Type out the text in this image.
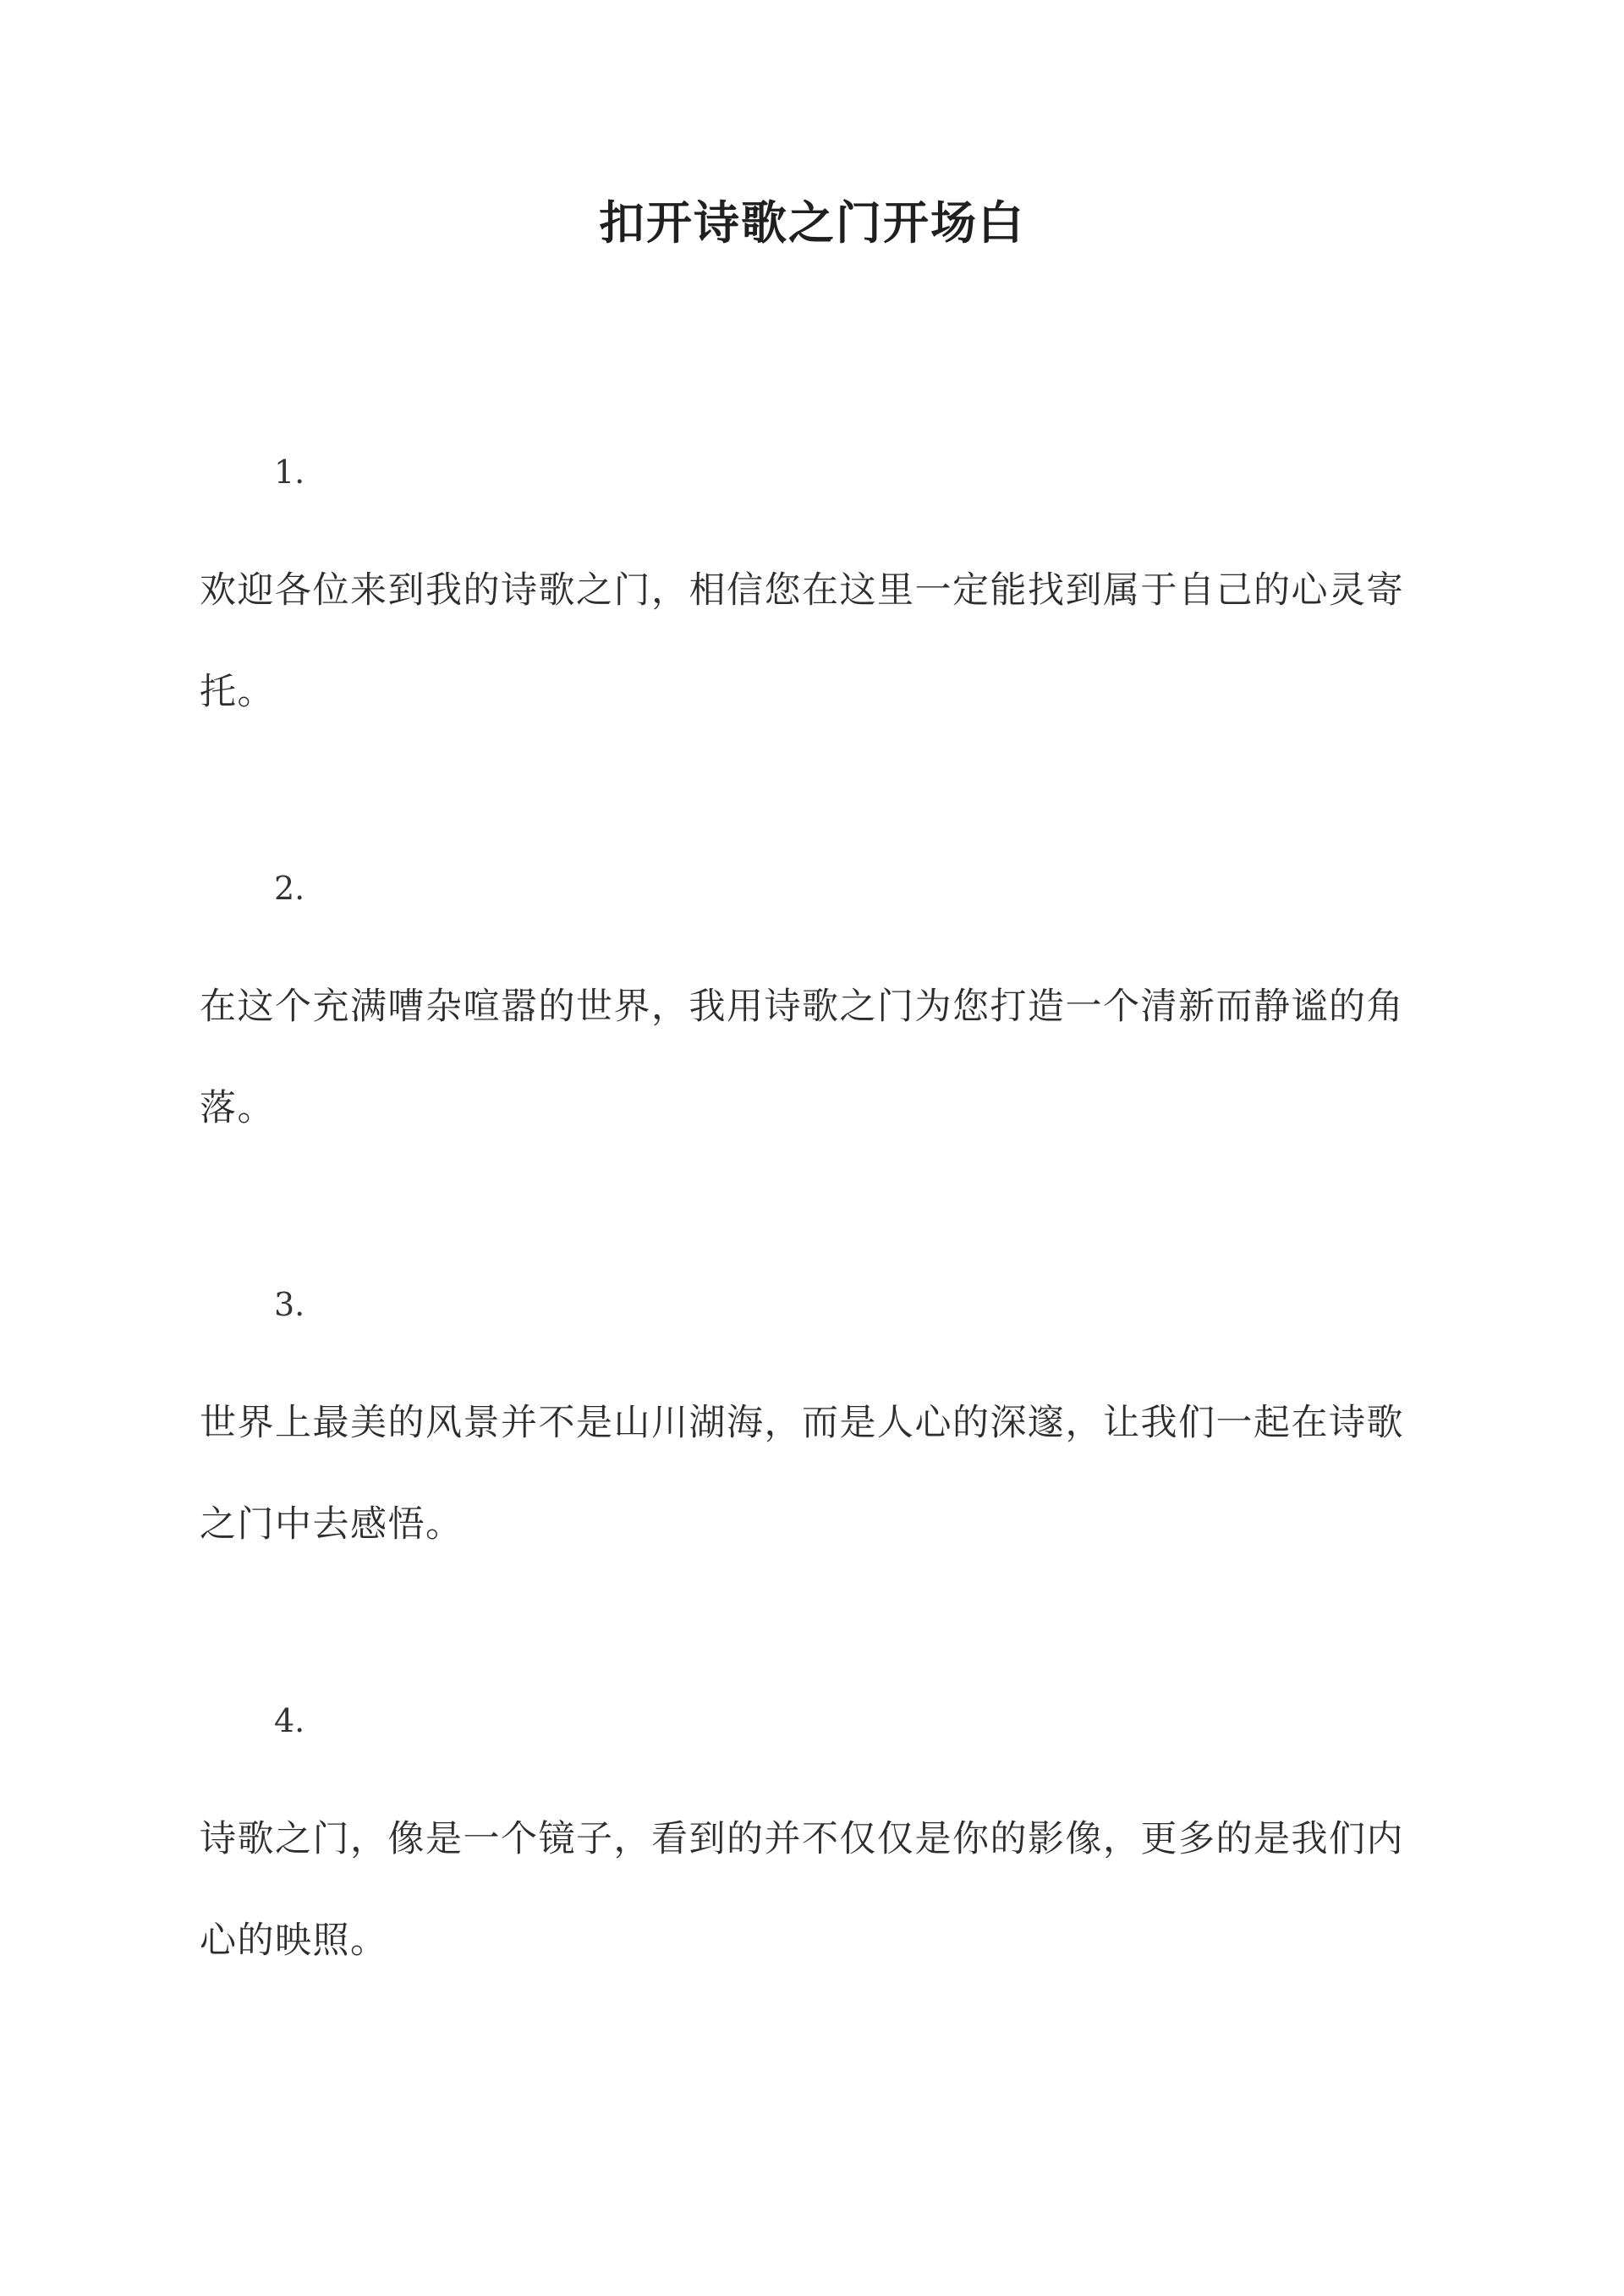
扣开诗歌之门开场白
1.
欢迎各位来到我的诗歌之门，相信您在这里一定能找到属于自己的心灵寄托。
2.
在这个充满嘈杂喧嚣的世界，我用诗歌之门为您打造一个清新而静谧的角落。
3.
世界上最美的风景并不是山川湖海，而是人心的深邃，让我们一起在诗歌之门中去感悟。
4.
诗歌之门，像是一个镜子，看到的并不仅仅是你的影像，更多的是我们内心的映照。
